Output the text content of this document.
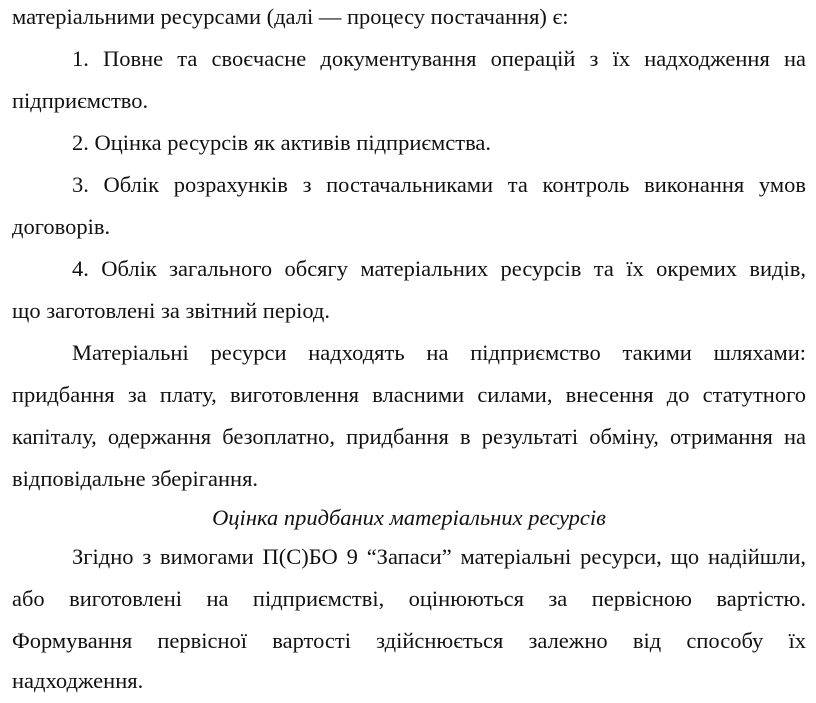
матеріальними ресурсами (далі — процесу постачання) є:
1. Повне та своєчасне документування операцій з їх надходження на
підприємство.
2. Оцінка ресурсів як активів підприємства.
3. Облік розрахунків з постачальниками та контроль виконання умов
договорів.
4. Облік загального обсягу матеріальних ресурсів та їх окремих видів,
що заготовлені за звітний період.
Матеріальні ресурси надходять на підприємство такими шляхами:
придбання за плату, виготовлення власними силами, внесення до статутного
капіталу, одержання безоплатно, придбання в результаті обміну, отримання на
відповідальне зберігання.
Оцінка придбаних матеріальних ресурсів
Згідно з вимогами П(С)БО 9 “Запаси” матеріальні ресурси, що надійшли,
або виготовлені на підприємстві, оцінюються за первісною вартістю.
Формування первісної вартості здійснюється залежно від способу їх
надходження.
